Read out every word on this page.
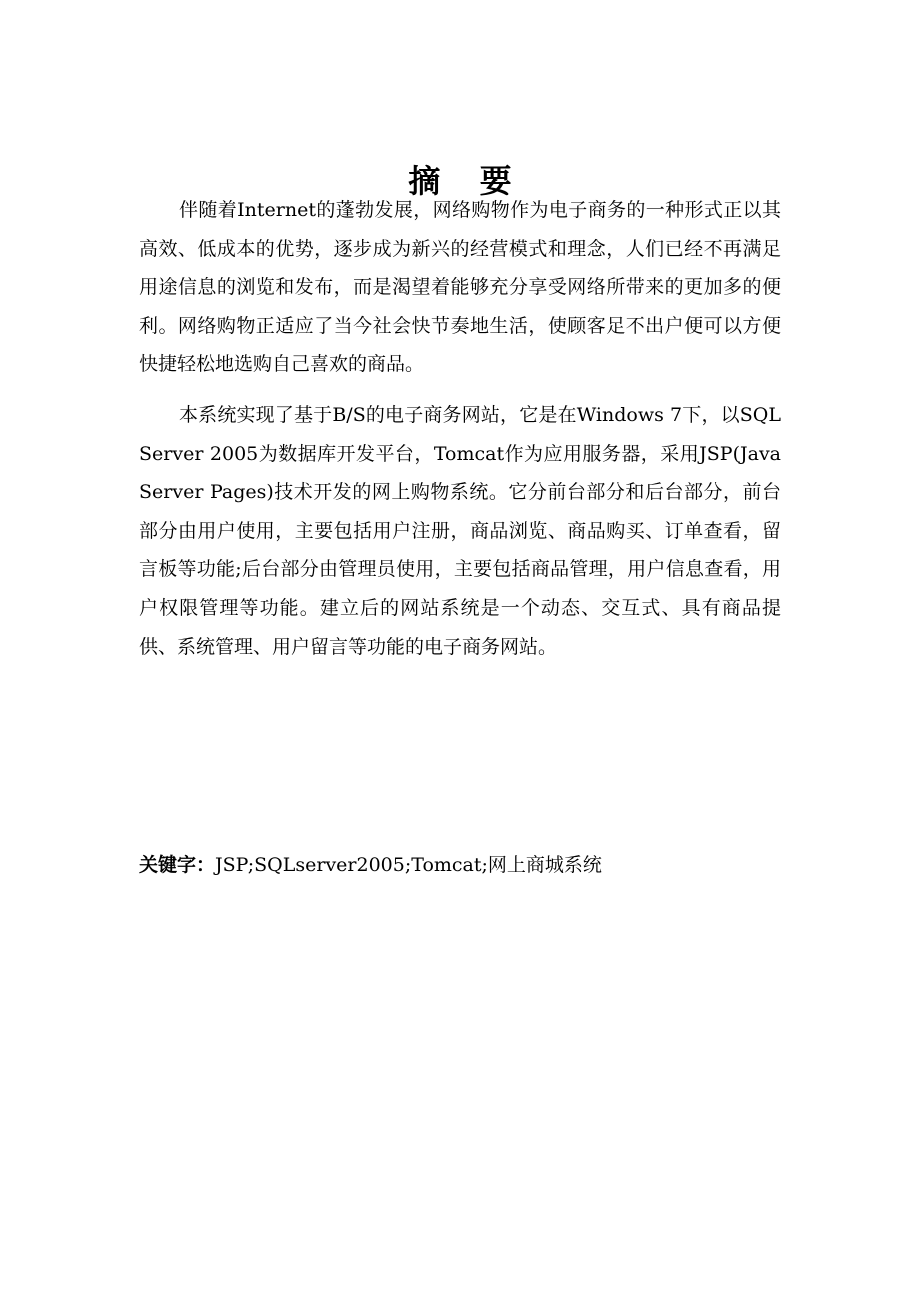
摘 要

伴随着Internet的蓬勃发展，网络购物作为电子商务的一种形式正以其高效、低成本的优势，逐步成为新兴的经营模式和理念，人们已经不再满足用途信息的浏览和发布，而是渴望着能够充分享受网络所带来的更加多的便利。网络购物正适应了当今社会快节奏地生活，使顾客足不出户便可以方便快捷轻松地选购自己喜欢的商品。

本系统实现了基于B/S的电子商务网站，它是在Windows 7下，以SQL Server 2005为数据库开发平台，Tomcat作为应用服务器，采用JSP(Java Server Pages)技术开发的网上购物系统。它分前台部分和后台部分，前台部分由用户使用，主要包括用户注册，商品浏览、商品购买、订单查看，留言板等功能;后台部分由管理员使用，主要包括商品管理，用户信息查看，用户权限管理等功能。建立后的网站系统是一个动态、交互式、具有商品提供、系统管理、用户留言等功能的电子商务网站。

关键字：JSP;SQLserver2005;Tomcat;网上商城系统
